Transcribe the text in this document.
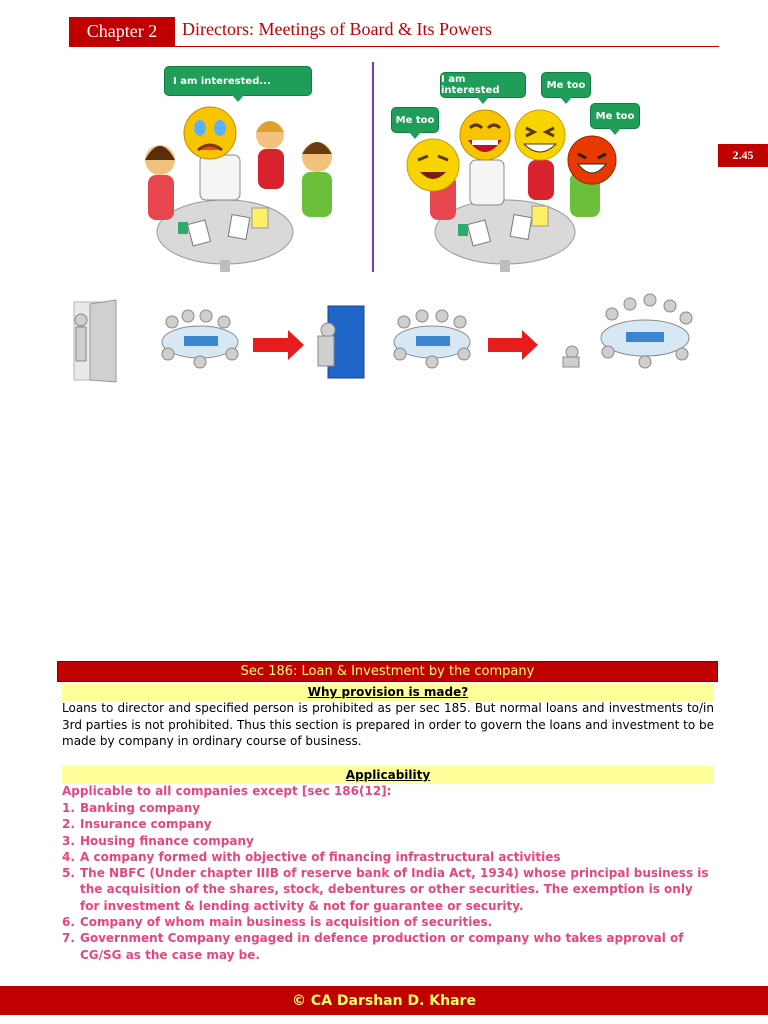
Chapter 2	Directors: Meetings of Board & Its Powers
2.45
I am interested...	I am interested	Me too
Me too	Me too
Sec 186: Loan & Investment by the company
Why provision is made?
Loans to director and specified person is prohibited as per sec 185. But normal loans and investments to/in 3rd parties is not prohibited. Thus this section is prepared in order to govern the loans and investment to be made by company in ordinary course of business.
Applicability
Applicable to all companies except [sec 186(12]:
1. Banking company
2. Insurance company
3. Housing finance company
4. A company formed with objective of financing infrastructural activities
5. The NBFC (Under chapter IIIB of reserve bank of India Act, 1934) whose principal business is the acquisition of the shares, stock, debentures or other securities. The exemption is only for investment & lending activity & not for guarantee or security.
6. Company of whom main business is acquisition of securities.
7. Government Company engaged in defence production or company who takes approval of CG/SG as the case may be.
© CA Darshan D. Khare
